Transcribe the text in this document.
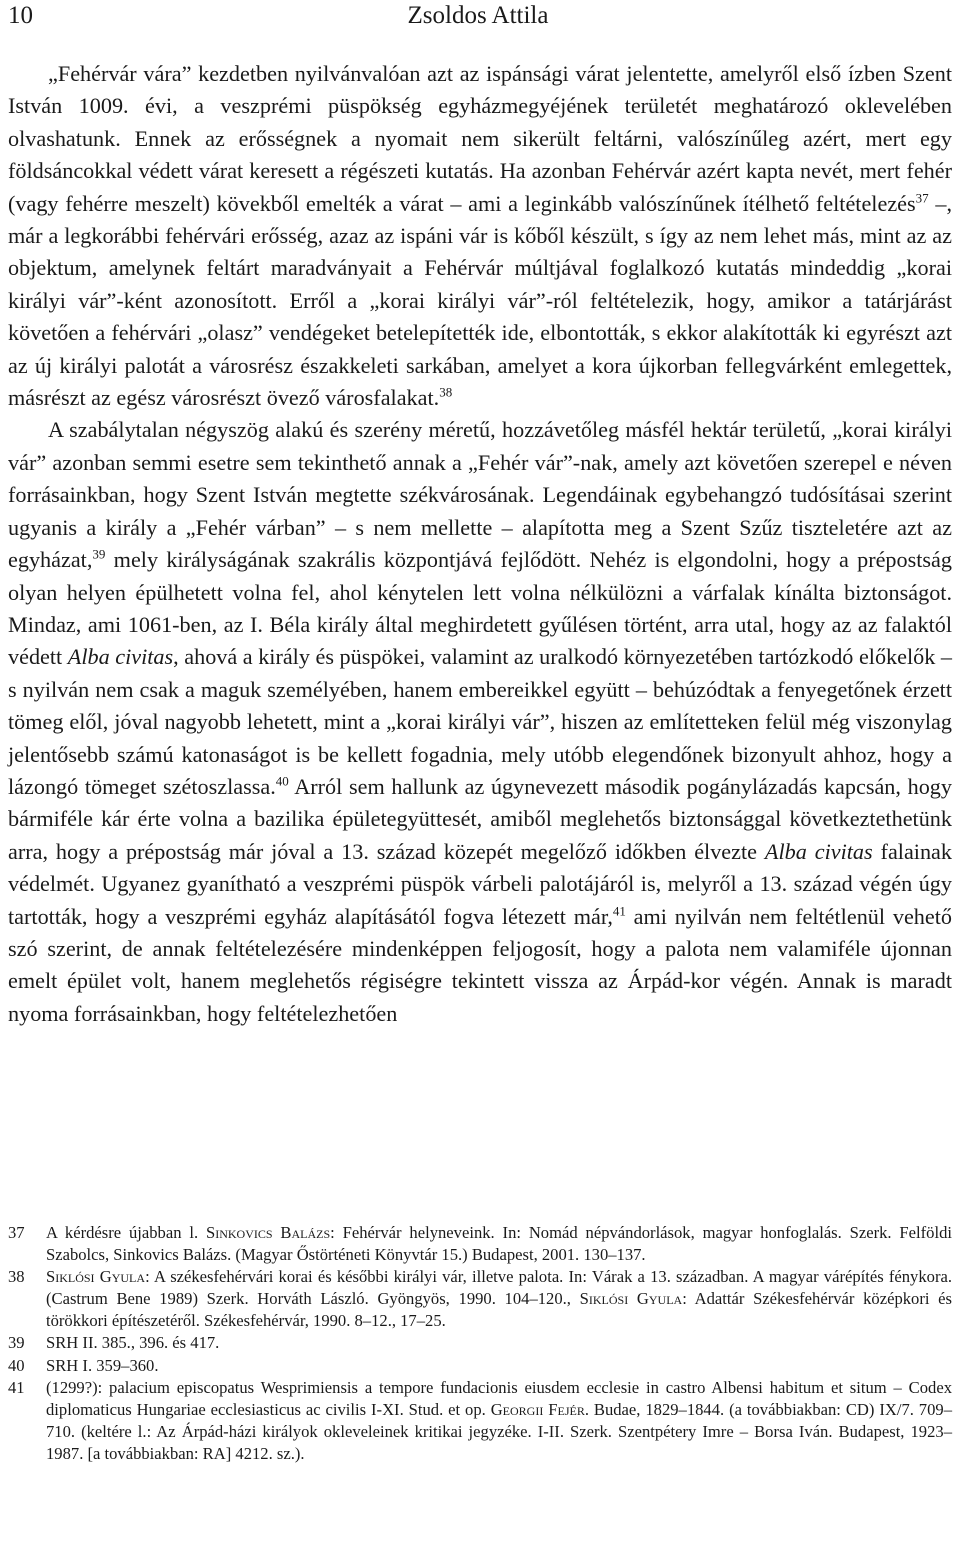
10	Zsoldos Attila

„Fehérvár vára” kezdetben nyilvánvalóan azt az ispánsági várat jelentette, amelyről első ízben Szent István 1009. évi, a veszprémi püspökség egyházmegyéjének területét meghatározó oklevelében olvashatunk. Ennek az erősségnek a nyomait nem sikerült feltárni, valószínűleg azért, mert egy földsáncokkal védett várat keresett a régészeti kutatás. Ha azonban Fehérvár azért kapta nevét, mert fehér (vagy fehérre meszelt) kövekből emelték a várat – ami a leginkább valószínűnek ítélhető feltételezés$^{37}$ –, már a legkorábbi fehérvári erősség, azaz az ispáni vár is kőből készült, s így az nem lehet más, mint az az objektum, amelynek feltárt maradványait a Fehérvár múltjával foglalkozó kutatás mindeddig „korai királyi vár”-ként azonosított. Erről a „korai királyi vár”-ról feltételezik, hogy, amikor a tatárjárást követően a fehérvári „olasz” vendégeket betelepítették ide, elbontották, s ekkor alakították ki egyrészt azt az új királyi palotát a városrész északkeleti sarkában, amelyet a kora újkorban fellegvárként emlegettek, másrészt az egész városrészt övező városfalakat.$^{38}$

A szabálytalan négyszög alakú és szerény méretű, hozzávetőleg másfél hektár területű, „korai királyi vár” azonban semmi esetre sem tekinthető annak a „Fehér vár”-nak, amely azt követően szerepel e néven forrásainkban, hogy Szent István megtette székvárosának. Legendáinak egybehangzó tudósításai szerint ugyanis a király a „Fehér várban” – s nem mellette – alapította meg a Szent Szűz tiszteletére azt az egyházat,$^{39}$ mely királyságának szakrális központjává fejlődött. Nehéz is elgondolni, hogy a prépostság olyan helyen épülhetett volna fel, ahol kénytelen lett volna nélkülözni a várfalak kínálta biztonságot. Mindaz, ami 1061-ben, az I. Béla király által meghirdetett gyűlésen történt, arra utal, hogy az az falaktól védett Alba civitas, ahová a király és püspökei, valamint az uralkodó környezetében tartózkodó előkelők – s nyilván nem csak a maguk személyében, hanem embereikkel együtt – behúzódtak a fenyegetőnek érzett tömeg elől, jóval nagyobb lehetett, mint a „korai királyi vár”, hiszen az említetteken felül még viszonylag jelentősebb számú katonaságot is be kellett fogadnia, mely utóbb elegendőnek bizonyult ahhoz, hogy a lázongó tömeget szétoszlassa.$^{40}$ Arról sem hallunk az úgynevezett második pogánylázadás kapcsán, hogy bármiféle kár érte volna a bazilika épületegyüttesét, amiből meglehetős biztonsággal következtethetünk arra, hogy a prépostság már jóval a 13. század közepét megelőző időkben élvezte Alba civitas falainak védelmét. Ugyanez gyanítható a veszprémi püspök várbeli palotájáról is, melyről a 13. század végén úgy tartották, hogy a veszprémi egyház alapításától fogva létezett már,$^{41}$ ami nyilván nem feltétlenül vehető szó szerint, de annak feltételezésére mindenképpen feljogosít, hogy a palota nem valamiféle újonnan emelt épület volt, hanem meglehetős régiségre tekintett vissza az Árpád-kor végén. Annak is maradt nyoma forrásainkban, hogy feltételezhetően

37 A kérdésre újabban l. Sinkovics Balázs: Fehérvár helyneveink. In: Nomád népvándorlások, magyar honfoglalás. Szerk. Felföldi Szabolcs, Sinkovics Balázs. (Magyar Őstörténeti Könyvtár 15.) Budapest, 2001. 130–137.
38 Siklósi Gyula: A székesfehérvári korai és későbbi királyi vár, illetve palota. In: Várak a 13. században. A magyar várépítés fénykora. (Castrum Bene 1989) Szerk. Horváth László. Gyöngyös, 1990. 104–120., Siklósi Gyula: Adattár Székesfehérvár középkori és törökkori építészetéről. Székesfehérvár, 1990. 8–12., 17–25.
39 SRH II. 385., 396. és 417.
40 SRH I. 359–360.
41 (1299?): palacium episcopatus Wesprimiensis a tempore fundacionis eiusdem ecclesie in castro Albensi habitum et situm – Codex diplomaticus Hungariae ecclesiasticus ac civilis I-XI. Stud. et op. Georgii Fejér. Budae, 1829–1844. (a továbbiakban: CD) IX/7. 709–710. (keltére l.: Az Árpád-házi királyok okleveleinek kritikai jegyzéke. I-II. Szerk. Szentpétery Imre – Borsa Iván. Budapest, 1923–1987. [a továbbiakban: RA] 4212. sz.).
